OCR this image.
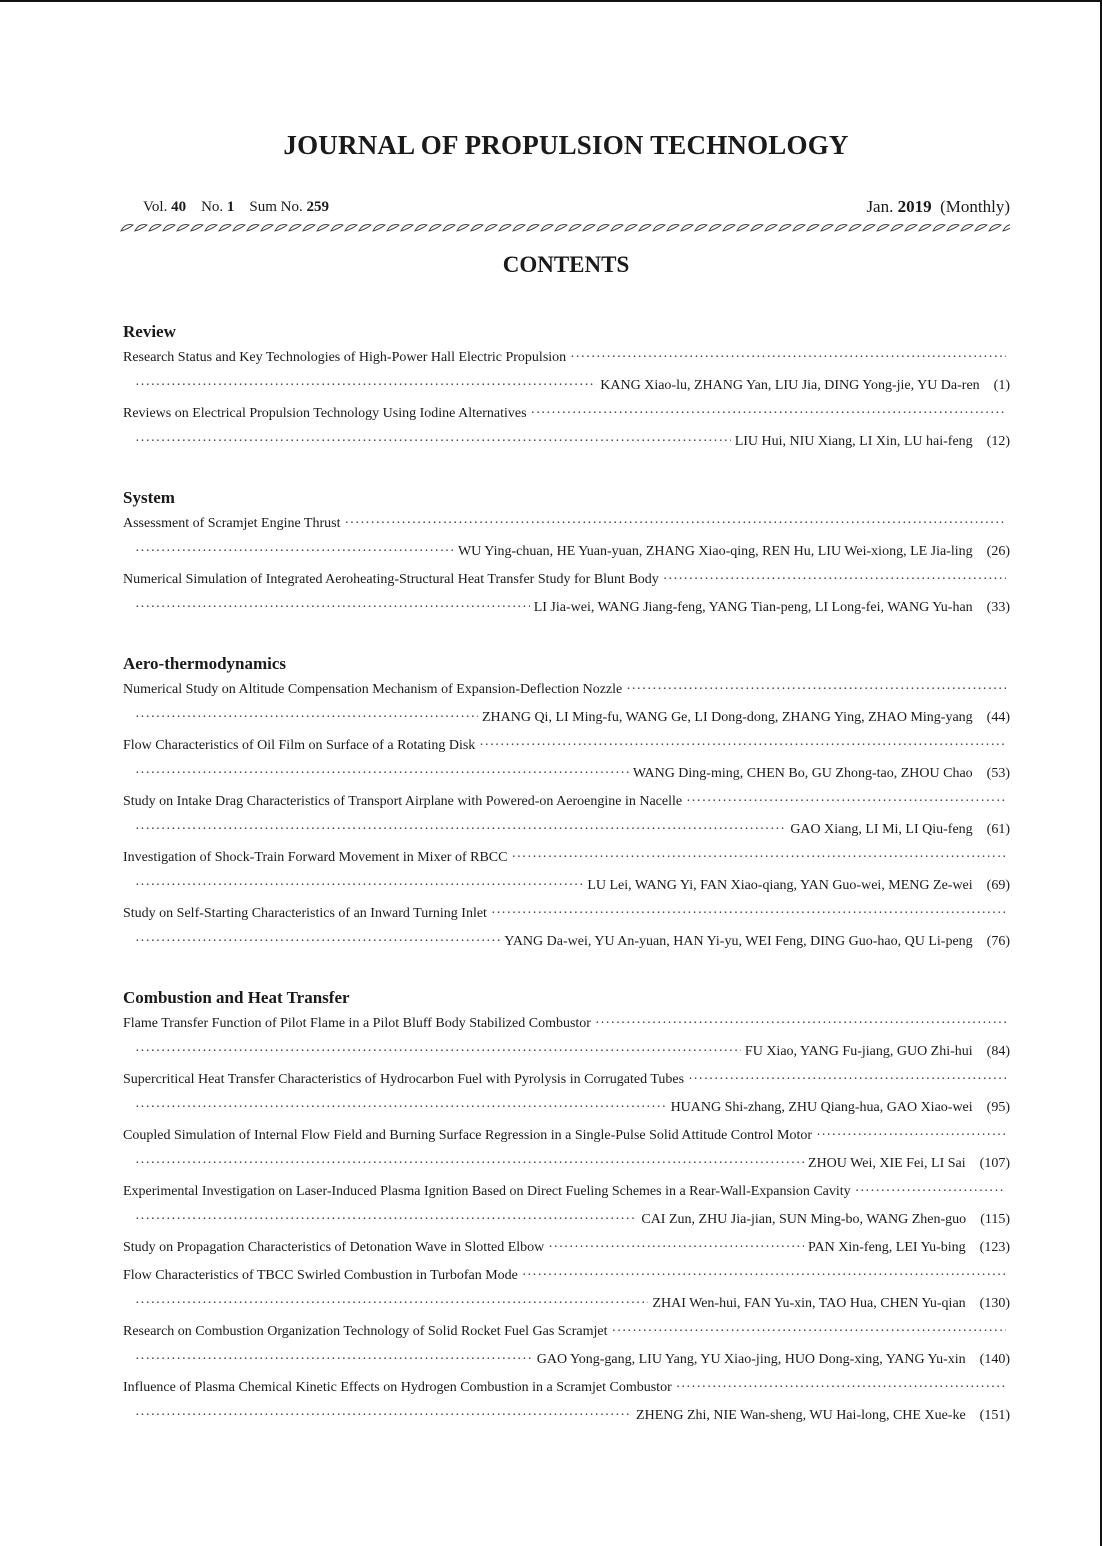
JOURNAL OF PROPULSION TECHNOLOGY
Vol. 40 No. 1 Sum No. 259	Jan. 2019 (Monthly)
CONTENTS
Review
Research Status and Key Technologies of High-Power Hall Electric Propulsion
·····
·····
KANG Xiao-lu, ZHANG Yan, LIU Jia, DING Yong-jie, YU Da-ren (1)
Reviews on Electrical Propulsion Technology Using Iodine Alternatives
·····
·····
LIU Hui, NIU Xiang, LI Xin, LU hai-feng (12)
System
Assessment of Scramjet Engine Thrust
·····
·····
WU Ying-chuan, HE Yuan-yuan, ZHANG Xiao-qing, REN Hu, LIU Wei-xiong, LE Jia-ling (26)
Numerical Simulation of Integrated Aeroheating-Structural Heat Transfer Study for Blunt Body
·····
·····
LI Jia-wei, WANG Jiang-feng, YANG Tian-peng, LI Long-fei, WANG Yu-han (33)
Aero-thermodynamics
Numerical Study on Altitude Compensation Mechanism of Expansion-Deflection Nozzle
·····
·····
ZHANG Qi, LI Ming-fu, WANG Ge, LI Dong-dong, ZHANG Ying, ZHAO Ming-yang (44)
Flow Characteristics of Oil Film on Surface of a Rotating Disk
·····
·····
WANG Ding-ming, CHEN Bo, GU Zhong-tao, ZHOU Chao (53)
Study on Intake Drag Characteristics of Transport Airplane with Powered-on Aeroengine in Nacelle
·····
·····
GAO Xiang, LI Mi, LI Qiu-feng (61)
Investigation of Shock-Train Forward Movement in Mixer of RBCC
·····
·····
LU Lei, WANG Yi, FAN Xiao-qiang, YAN Guo-wei, MENG Ze-wei (69)
Study on Self-Starting Characteristics of an Inward Turning Inlet
·····
·····
YANG Da-wei, YU An-yuan, HAN Yi-yu, WEI Feng, DING Guo-hao, QU Li-peng (76)
Combustion and Heat Transfer
Flame Transfer Function of Pilot Flame in a Pilot Bluff Body Stabilized Combustor
·····
·····
FU Xiao, YANG Fu-jiang, GUO Zhi-hui (84)
Supercritical Heat Transfer Characteristics of Hydrocarbon Fuel with Pyrolysis in Corrugated Tubes
·····
·····
HUANG Shi-zhang, ZHU Qiang-hua, GAO Xiao-wei (95)
Coupled Simulation of Internal Flow Field and Burning Surface Regression in a Single-Pulse Solid Attitude Control Motor
·····
·····
ZHOU Wei, XIE Fei, LI Sai (107)
Experimental Investigation on Laser-Induced Plasma Ignition Based on Direct Fueling Schemes in a Rear-Wall-Expansion Cavity
·····
·····
CAI Zun, ZHU Jia-jian, SUN Ming-bo, WANG Zhen-guo (115)
Study on Propagation Characteristics of Detonation Wave in Slotted Elbow
·····	PAN Xin-feng, LEI Yu-bing (123)
Flow Characteristics of TBCC Swirled Combustion in Turbofan Mode
·····
·····
ZHAI Wen-hui, FAN Yu-xin, TAO Hua, CHEN Yu-qian (130)
Research on Combustion Organization Technology of Solid Rocket Fuel Gas Scramjet
·····
·····
GAO Yong-gang, LIU Yang, YU Xiao-jing, HUO Dong-xing, YANG Yu-xin (140)
Influence of Plasma Chemical Kinetic Effects on Hydrogen Combustion in a Scramjet Combustor
·····
·····
ZHENG Zhi, NIE Wan-sheng, WU Hai-long, CHE Xue-ke (151)
